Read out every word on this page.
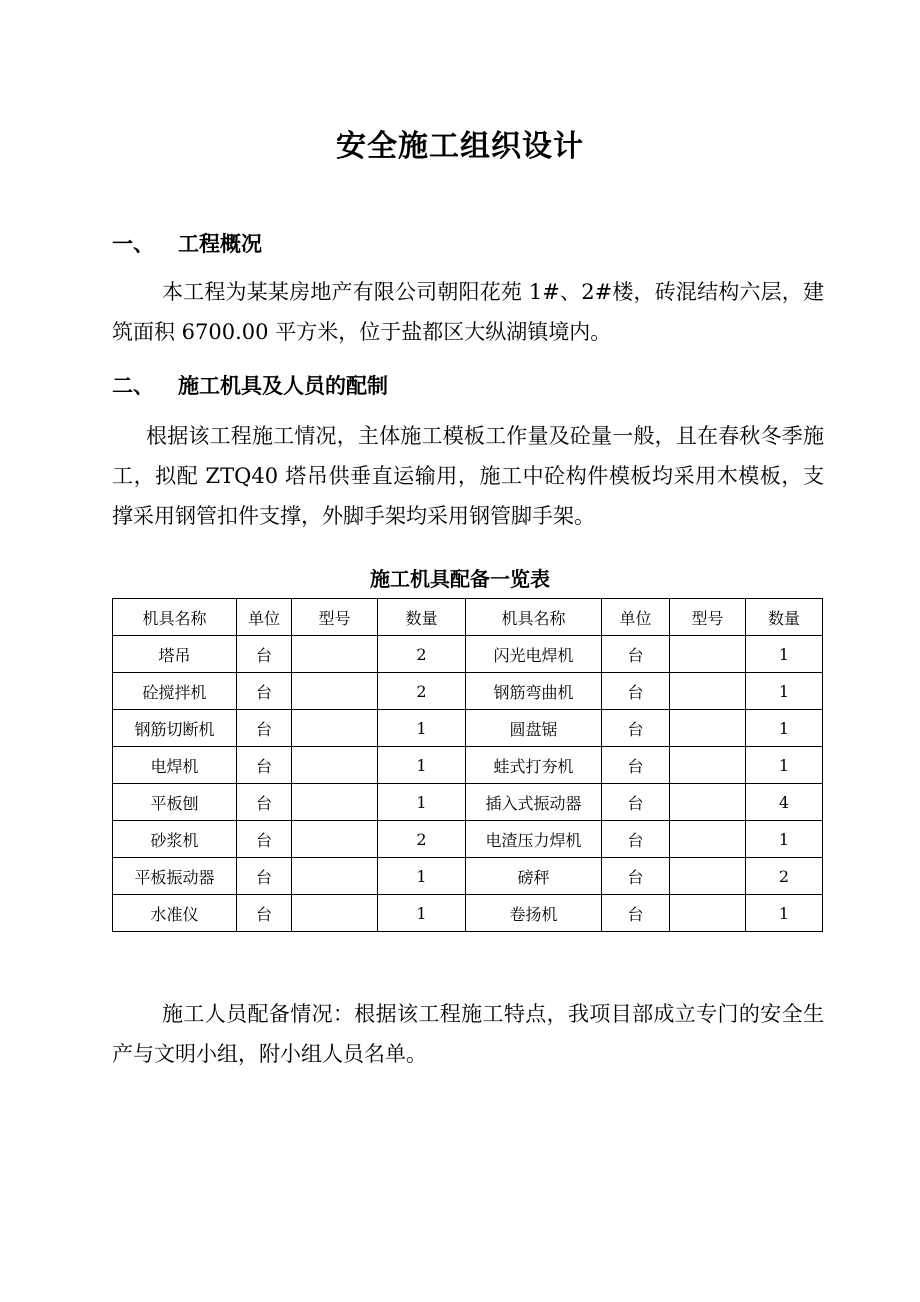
安全施工组织设计
一、 工程概况

本工程为某某房地产有限公司朝阳花苑 1#、2#楼，砖混结构六层，建筑面积 6700.00 平方米，位于盐都区大纵湖镇境内。

二、 施工机具及人员的配制

根据该工程施工情况，主体施工模板工作量及砼量一般，且在春秋冬季施工，拟配 ZTQ40 塔吊供垂直运输用，施工中砼构件模板均采用木模板，支撑采用钢管扣件支撑，外脚手架均采用钢管脚手架。

施工机具配备一览表
机具名称	单位	型号	数量	机具名称	单位	型号	数量
塔吊	台		2	闪光电焊机	台		1
砼搅拌机	台		2	钢筋弯曲机	台		1
钢筋切断机	台		1	圆盘锯	台		1
电焊机	台		1	蛙式打夯机	台		1
平板刨	台		1	插入式振动器	台		4
砂浆机	台		2	电渣压力焊机	台		1
平板振动器	台		1	磅秤	台		2
水准仪	台		1	卷扬机	台		1

施工人员配备情况：根据该工程施工特点，我项目部成立专门的安全生产与文明小组，附小组人员名单。
